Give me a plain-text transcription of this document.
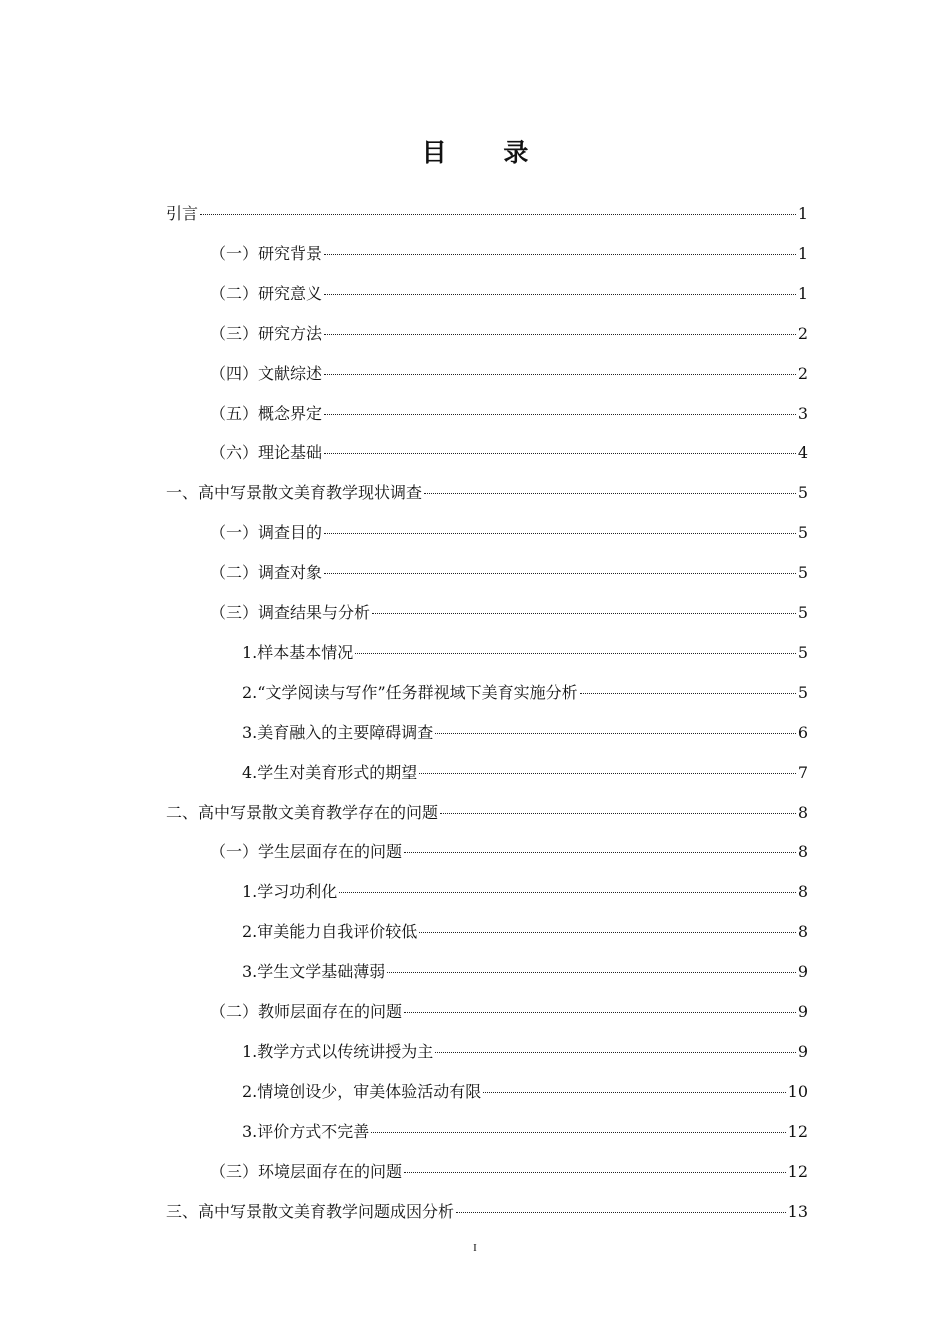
目 录
引言	1
（一）研究背景	1
（二）研究意义	1
（三）研究方法	2
（四）文献综述	2
（五）概念界定	3
（六）理论基础	4
一、高中写景散文美育教学现状调查	5
（一）调查目的	5
（二）调查对象	5
（三）调查结果与分析	5
1.样本基本情况	5
2.“文学阅读与写作”任务群视域下美育实施分析	5
3.美育融入的主要障碍调查	6
4.学生对美育形式的期望	7
二、高中写景散文美育教学存在的问题	8
（一）学生层面存在的问题	8
1.学习功利化	8
2.审美能力自我评价较低	8
3.学生文学基础薄弱	9
（二）教师层面存在的问题	9
1.教学方式以传统讲授为主	9
2.情境创设少，审美体验活动有限	10
3.评价方式不完善	12
（三）环境层面存在的问题	12
三、高中写景散文美育教学问题成因分析	13
I
